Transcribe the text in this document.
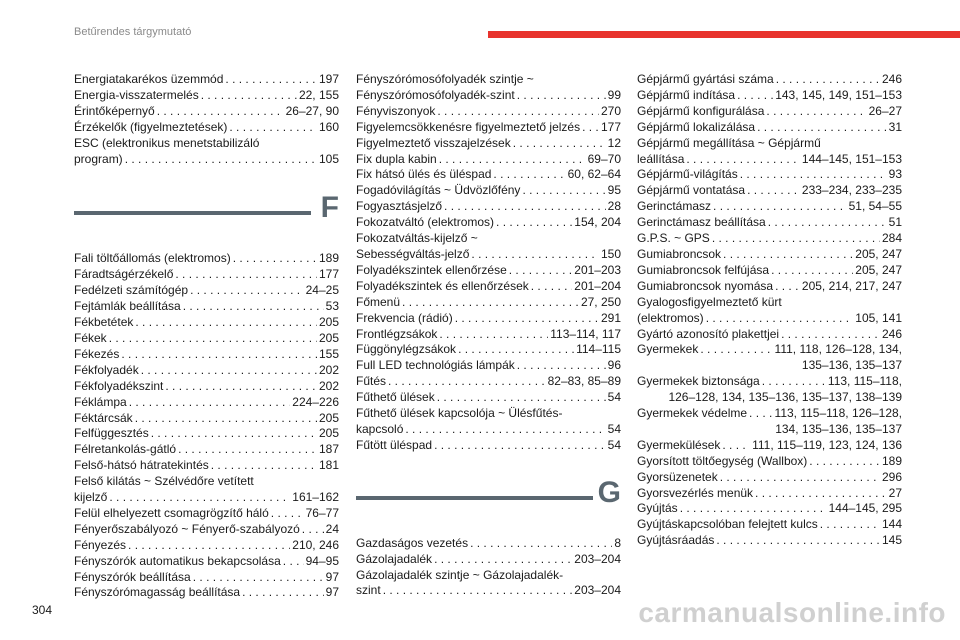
Betűrendes tárgymutató
Energiatakarékos üzemmód . . .	197
Energia-visszatermelés . . .	22, 155
Érintőképernyő . . .	26–27, 90
Érzékelők (figyelmeztetések) . . .	160
ESC (elektronikus menetstabilizáló
program) . . .	105
F
Fali töltőállomás (elektromos) . . .	189
Fáradtságérzékelő . . .	177
Fedélzeti számítógép . . .	24–25
Fejtámlák beállítása . . .	53
Fékbetétek . . .	205
Fékek . . .	205
Fékezés . . .	155
Fékfolyadék . . .	202
Fékfolyadékszint . . .	202
Féklámpa . . .	224–226
Féktárcsák . . .	205
Felfüggesztés . . .	205
Félretankolás-gátló . . .	187
Felső-hátsó hátratekintés . . .	181
Felső kilátás ~ Szélvédőre vetített
kijelző . . .	161–162
Felül elhelyezett csomagrögzítő háló . . .	76–77
Fényerőszabályozó ~ Fényerő-szabályozó . . . 24
Fényezés . . .	210, 246
Fényszórók automatikus bekapcsolása . . . 94–95
Fényszórók beállítása . . .	97
Fényszórómagasság beállítása . . .	97
Fényszórómosófolyadék szintje ~
Fényszórómosófolyadék-szint . . .	99
Fényviszonyok . . .	270
Figyelemcsökkenésre figyelmeztető jelzés . . . 177
Figyelmeztető visszajelzések . . .	12
Fix dupla kabin . . .	69–70
Fix hátsó ülés és üléspad . . .	60, 62–64
Fogadóvilágítás ~ Üdvözlőfény . . .	95
Fogyasztásjelző . . .	28
Fokozatváltó (elektromos) . . .	154, 204
Fokozatváltás-kijelző ~
Sebességváltás-jelző . . .	150
Folyadékszintek ellenőrzése . . .	201–203
Folyadékszintek és ellenőrzések . . .	201–204
Főmenü . . .	27, 250
Frekvencia (rádió) . . .	291
Frontlégzsákok . . .	113–114, 117
Függönylégzsákok . . .	114–115
Full LED technológiás lámpák . . .	96
Fűtés . . .	82–83, 85–89
Fűthető ülések . . .	54
Fűthető ülések kapcsolója ~ Ülésfűtés-
kapcsoló . . .	54
Fűtött üléspad . . .	54
G
Gazdaságos vezetés . . .	8
Gázolajadalék . . .	203–204
Gázolajadalék szintje ~ Gázolajadalék-
szint . . .	203–204
Gépjármű gyártási száma . . .	246
Gépjármű indítása . . .	143, 145, 149, 151–153
Gépjármű konfigurálása . . .	26–27
Gépjármű lokalizálása . . .	31
Gépjármű megállítása ~ Gépjármű
leállítása . . .	144–145, 151–153
Gépjármű-világítás . . .	93
Gépjármű vontatása . . .	233–234, 233–235
Gerinctámasz . . .	51, 54–55
Gerinctámasz beállítása . . .	51
G.P.S. ~ GPS . . .	284
Gumiabroncsok . . .	205, 247
Gumiabroncsok felfújása . . .	205, 247
Gumiabroncsok nyomása . . . 205, 214, 217, 247
Gyalogosfigyelmeztető kürt
(elektromos) . . .	105, 141
Gyártó azonosító plakettjei . . .	246
Gyermekek . . .	111, 118, 126–128, 134,
135–136, 135–137
Gyermekek biztonsága . . .	113, 115–118,
126–128, 134, 135–136, 135–137, 138–139
Gyermekek védelme . . . 113, 115–118, 126–128,
134, 135–136, 135–137
Gyermekülések . . .	111, 115–119, 123, 124, 136
Gyorsított töltőegység (Wallbox) . . .	189
Gyorsüzenetek . . .	296
Gyorsvezérlés menük . . .	27
Gyújtás . . .	144–145, 295
Gyújtáskapcsolóban felejtett kulcs . . .	144
Gyújtásráadás . . .	145
304	carmanualsonline.info
